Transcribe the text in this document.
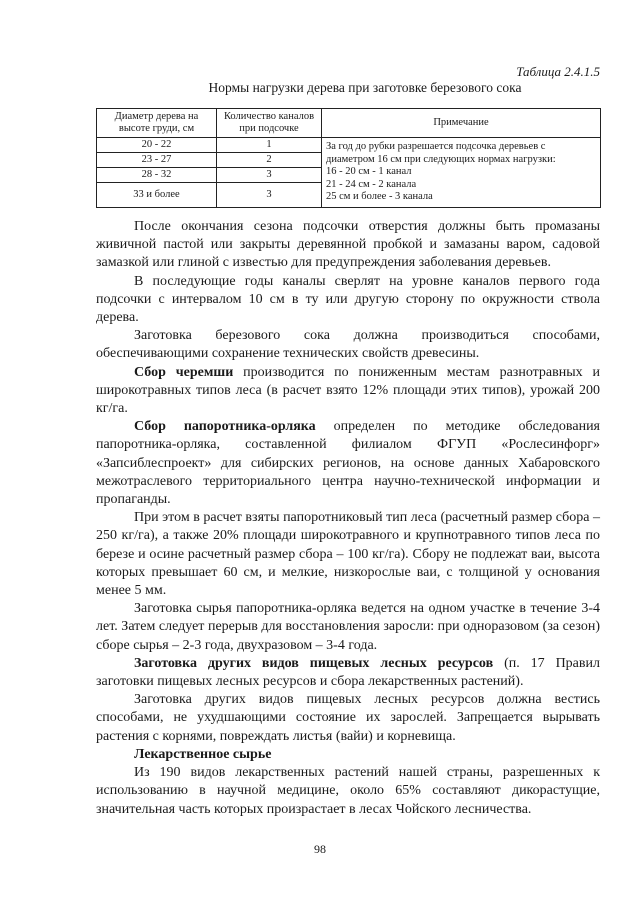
Таблица 2.4.1.5
Нормы нагрузки дерева при заготовке березового сока
Диаметр дерева на высоте груди, см	Количество каналов при подсочке	Примечание
20 - 22	1	За год до рубки разрешается подсочка деревьев с
диаметром 16 см при следующих нормах нагрузки:
16 - 20 см - 1 канал
21 - 24 см - 2 канала
25 см и более - 3 канала

23 - 27	2	
28 - 32	3	
33 и более	3	

После окончания сезона подсочки отверстия должны быть промазаны живичной пастой или закрыты деревянной пробкой и замазаны варом, садовой замазкой или глиной с известью для предупреждения заболевания деревьев.

В последующие годы каналы сверлят на уровне каналов первого года подсочки с интервалом 10 см в ту или другую сторону по окружности ствола дерева.

Заготовка березового сока должна производиться способами, обеспечивающими сохранение технических свойств древесины.

Сбор черемши производится по пониженным местам разнотравных и широкотравных типов леса (в расчет взято 12% площади этих типов), урожай 200 кг/га.

Сбор папоротника-орляка определен по методике обследования папоротника-орляка, составленной филиалом ФГУП «Рослесинфорг» «Запсиблеспроект» для сибирских регионов, на основе данных Хабаровского межотраслевого территориального центра научно-технической информации и пропаганды.

При этом в расчет взяты папоротниковый тип леса (расчетный размер сбора – 250 кг/га), а также 20% площади широкотравного и крупнотравного типов леса по березе и осине расчетный размер сбора – 100 кг/га). Сбору не подлежат ваи, высота которых превышает 60 см, и мелкие, низкорослые ваи, с толщиной у основания менее 5 мм.

Заготовка сырья папоротника-орляка ведется на одном участке в течение 3-4 лет. Затем следует перерыв для восстановления заросли: при одноразовом (за сезон) сборе сырья – 2-3 года, двухразовом – 3-4 года.

Заготовка других видов пищевых лесных ресурсов (п. 17 Правил заготовки пищевых лесных ресурсов и сбора лекарственных растений).

Заготовка других видов пищевых лесных ресурсов должна вестись способами, не ухудшающими состояние их зарослей. Запрещается вырывать растения с корнями, повреждать листья (вайи) и корневища.

Лекарственное сырье

Из 190 видов лекарственных растений нашей страны, разрешенных к использованию в научной медицине, около 65% составляют дикорастущие, значительная часть которых произрастает в лесах Чойского лесничества.

98
